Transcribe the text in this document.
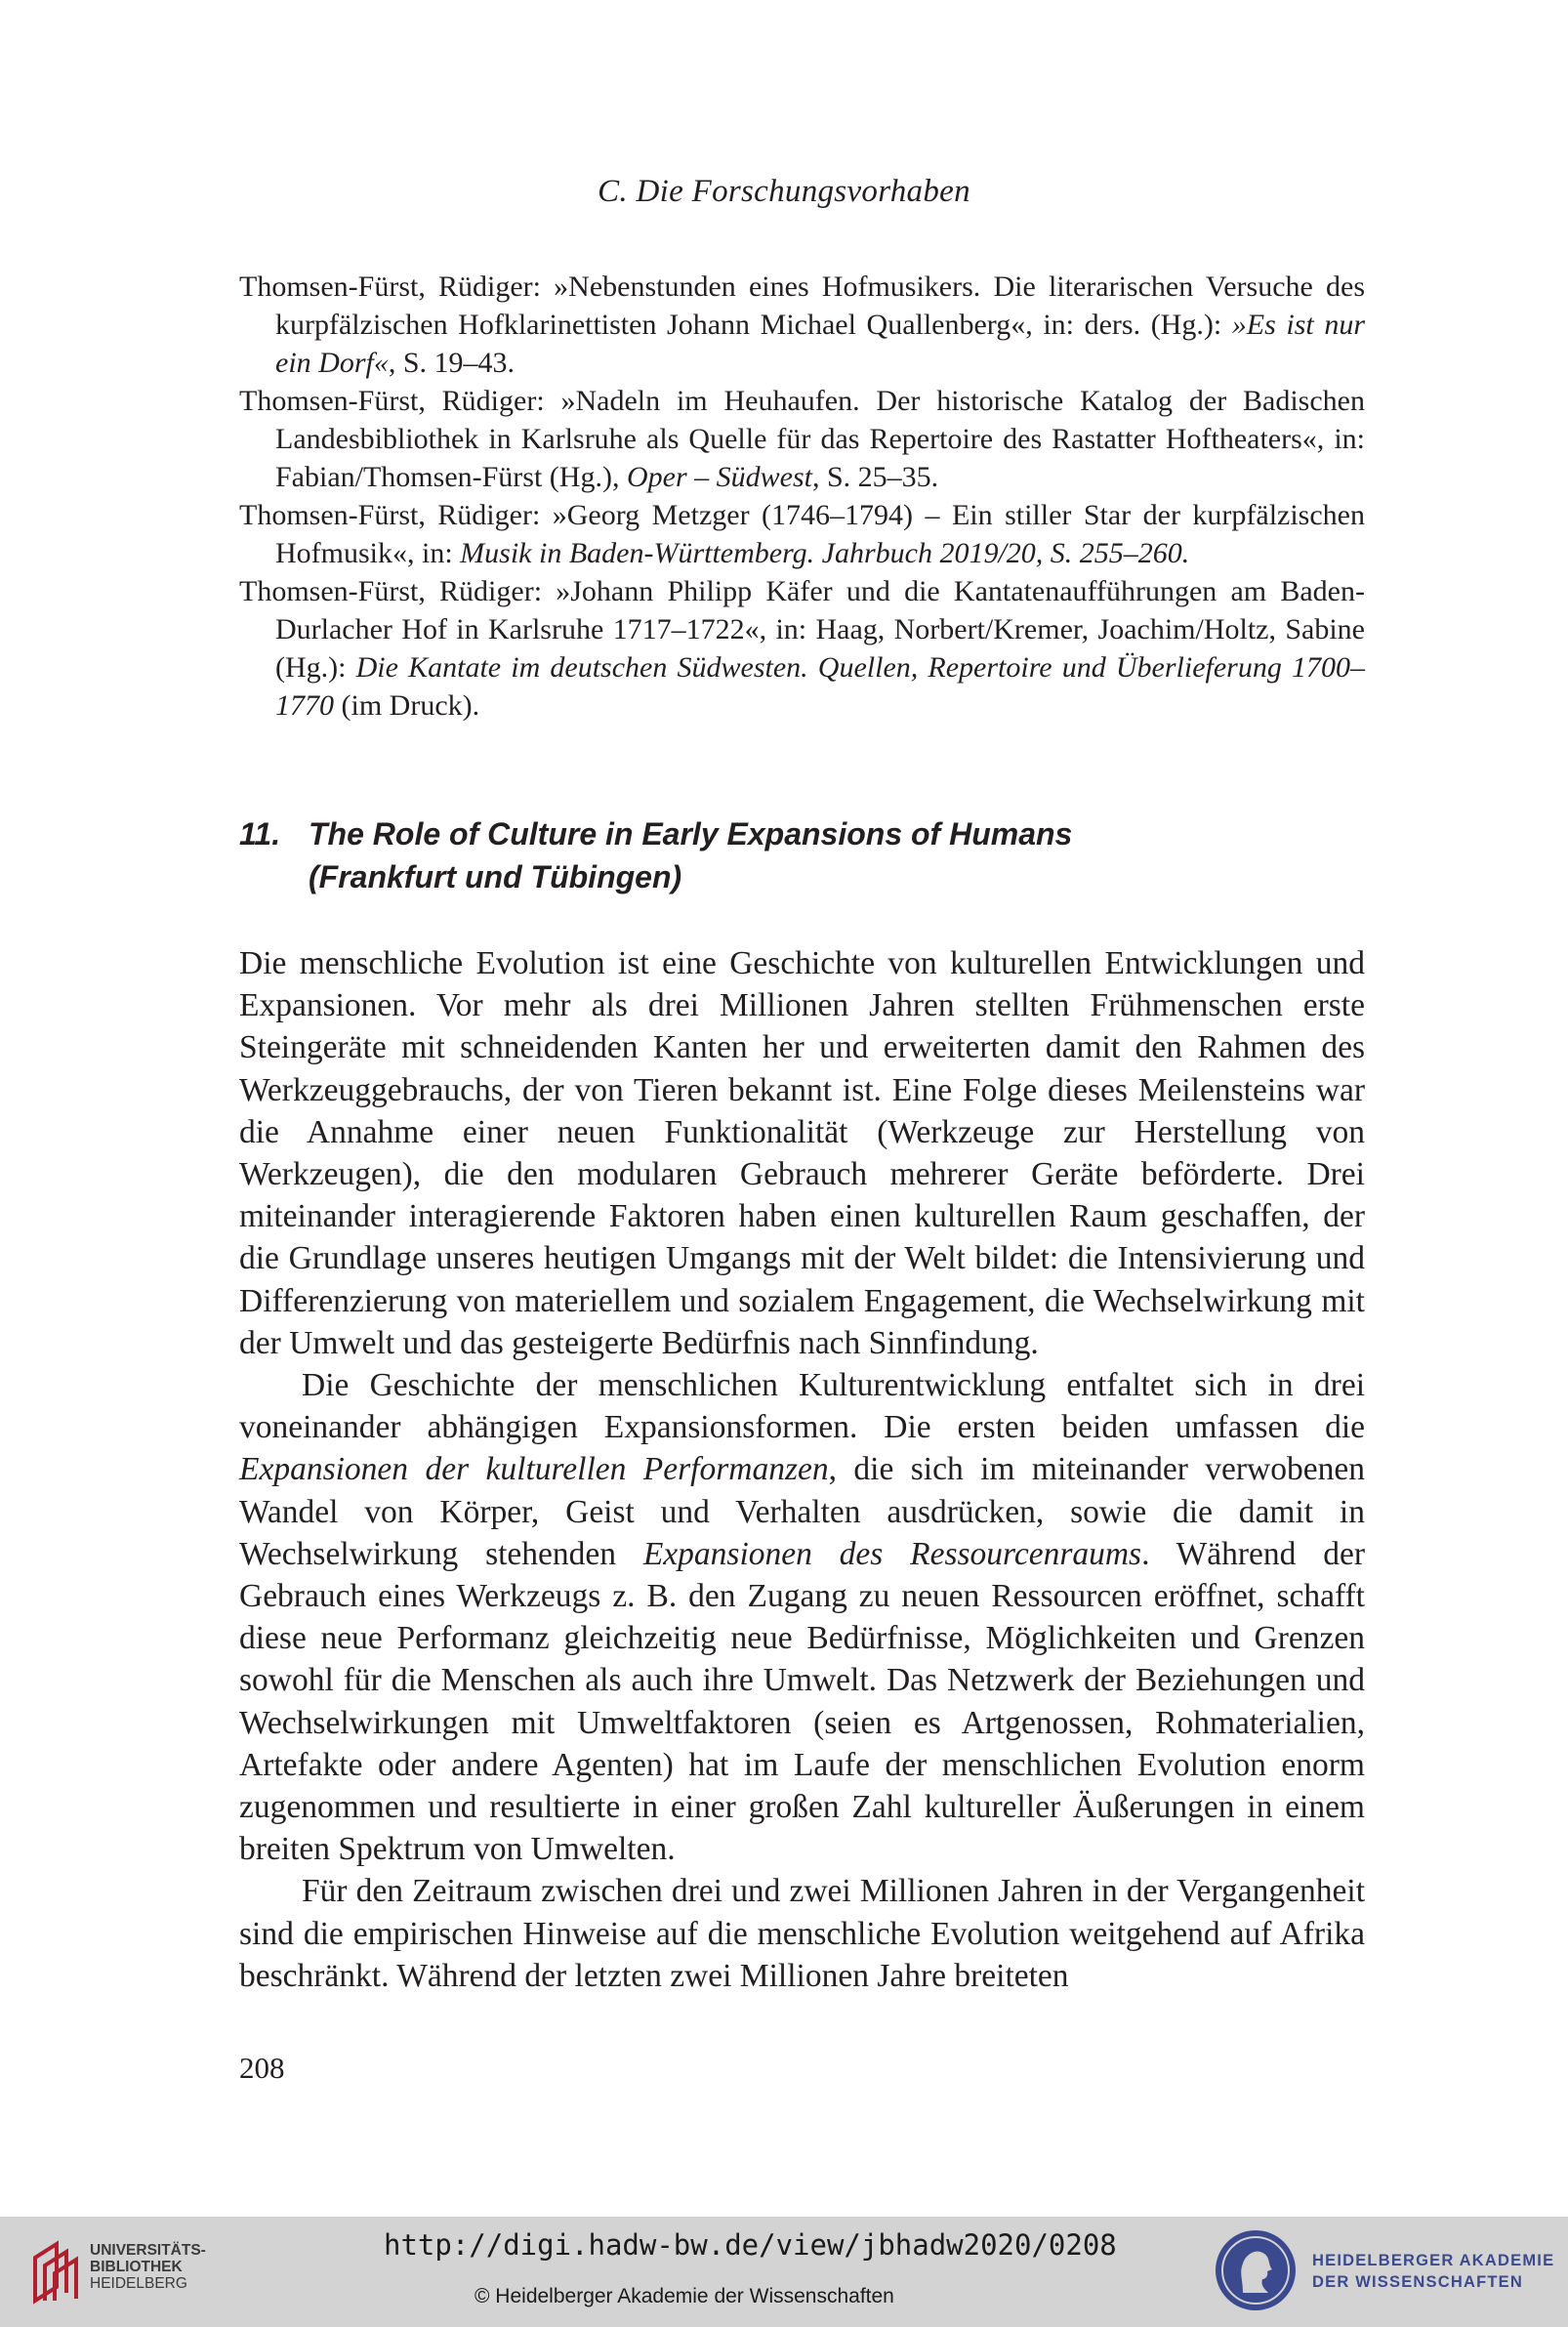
C. Die Forschungsvorhaben

Thomsen-Fürst, Rüdiger: »Nebenstunden eines Hofmusikers. Die literarischen Versuche des kurpfälzischen Hofklarinettisten Johann Michael Quallenberg«, in: ders. (Hg.): »Es ist nur ein Dorf«, S. 19–43.

Thomsen-Fürst, Rüdiger: »Nadeln im Heuhaufen. Der historische Katalog der Badischen Landesbibliothek in Karlsruhe als Quelle für das Repertoire des Rastatter Hoftheaters«, in: Fabian/Thomsen-Fürst (Hg.), Oper – Südwest, S. 25–35.

Thomsen-Fürst, Rüdiger: »Georg Metzger (1746–1794) – Ein stiller Star der kurpfälzischen Hofmusik«, in: Musik in Baden-Württemberg. Jahrbuch 2019/20, S. 255–260.

Thomsen-Fürst, Rüdiger: »Johann Philipp Käfer und die Kantatenaufführungen am Baden-Durlacher Hof in Karlsruhe 1717–1722«, in: Haag, Norbert/Kremer, Joachim/Holtz, Sabine (Hg.): Die Kantate im deutschen Südwesten. Quellen, Repertoire und Überlieferung 1700–1770 (im Druck).

11. The Role of Culture in Early Expansions of Humans
(Frankfurt und Tübingen)

Die menschliche Evolution ist eine Geschichte von kulturellen Entwicklungen und Expansionen. Vor mehr als drei Millionen Jahren stellten Frühmenschen erste Steingeräte mit schneidenden Kanten her und erweiterten damit den Rahmen des Werkzeuggebrauchs, der von Tieren bekannt ist. Eine Folge dieses Meilensteins war die Annahme einer neuen Funktionalität (Werkzeuge zur Herstellung von Werkzeugen), die den modularen Gebrauch mehrerer Geräte beförderte. Drei miteinander interagierende Faktoren haben einen kulturellen Raum geschaffen, der die Grundlage unseres heutigen Umgangs mit der Welt bildet: die Intensivierung und Differenzierung von materiellem und sozialem Engagement, die Wechselwirkung mit der Umwelt und das gesteigerte Bedürfnis nach Sinnfindung.

Die Geschichte der menschlichen Kulturentwicklung entfaltet sich in drei voneinander abhängigen Expansionsformen. Die ersten beiden umfassen die Expansionen der kulturellen Performanzen, die sich im miteinander verwobenen Wandel von Körper, Geist und Verhalten ausdrücken, sowie die damit in Wechselwirkung stehenden Expansionen des Ressourcenraums. Während der Gebrauch eines Werkzeugs z. B. den Zugang zu neuen Ressourcen eröffnet, schafft diese neue Performanz gleichzeitig neue Bedürfnisse, Möglichkeiten und Grenzen sowohl für die Menschen als auch ihre Umwelt. Das Netzwerk der Beziehungen und Wechselwirkungen mit Umweltfaktoren (seien es Artgenossen, Rohmaterialien, Artefakte oder andere Agenten) hat im Laufe der menschlichen Evolution enorm zugenommen und resultierte in einer großen Zahl kultureller Äußerungen in einem breiten Spektrum von Umwelten.

Für den Zeitraum zwischen drei und zwei Millionen Jahren in der Vergangenheit sind die empirischen Hinweise auf die menschliche Evolution weitgehend auf Afrika beschränkt. Während der letzten zwei Millionen Jahre breiteten

208
UNIVERSITÄTS-
BIBLIOTHEK
HEIDELBERG
http://digi.hadw-bw.de/view/jbhadw2020/0208
© Heidelberger Akademie der Wissenschaften
HEIDELBERGER AKADEMIE
DER WISSENSCHAFTEN
